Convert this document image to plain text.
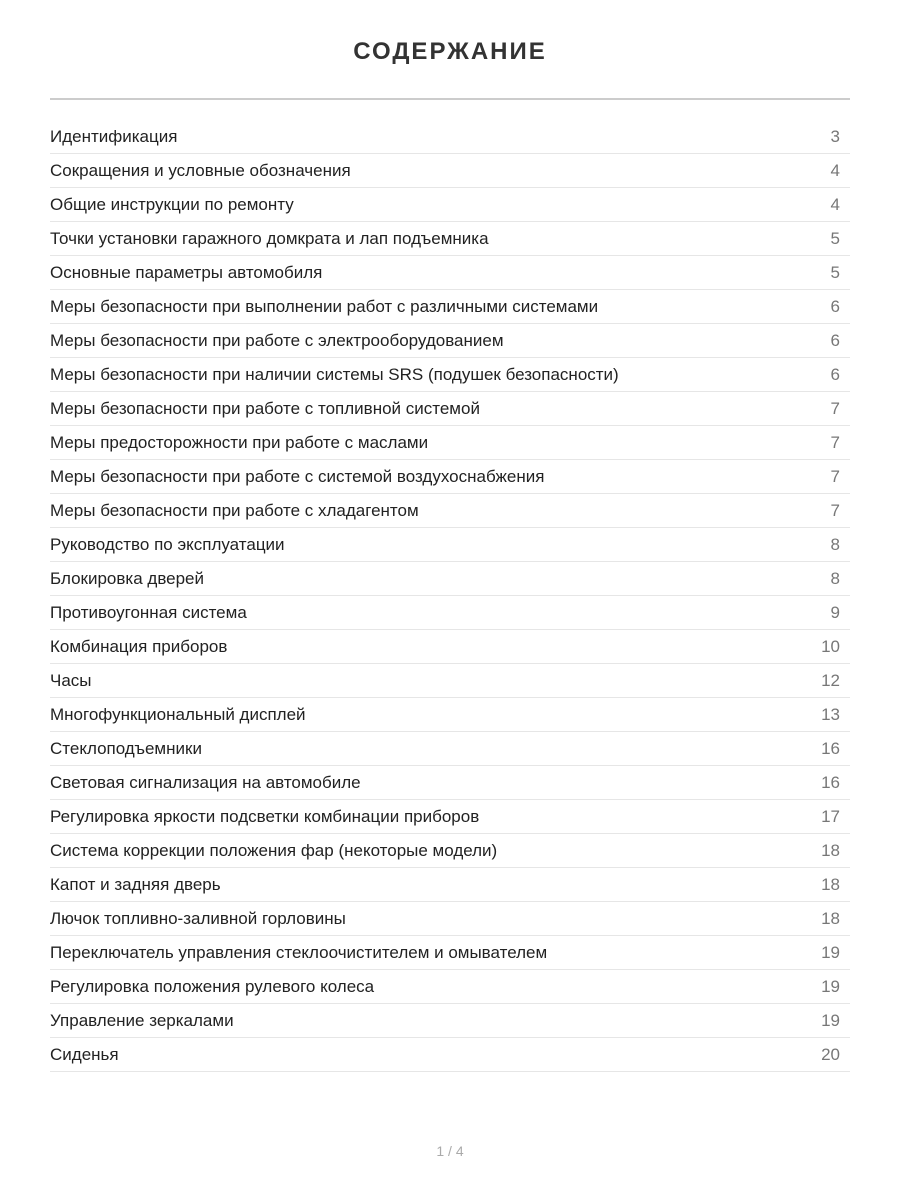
СОДЕРЖАНИЕ
Идентификация	3
Сокращения и условные обозначения	4
Общие инструкции по ремонту	4
Точки установки гаражного домкрата и лап подъемника	5
Основные параметры автомобиля	5
Меры безопасности при выполнении работ с различными системами	6
Меры безопасности при работе с электрооборудованием	6
Меры безопасности при наличии системы SRS (подушек безопасности)	6
Меры безопасности при работе с топливной системой	7
Меры предосторожности при работе с маслами	7
Меры безопасности при работе с системой воздухоснабжения	7
Меры безопасности при работе с хладагентом	7
Руководство по эксплуатации	8
Блокировка дверей	8
Противоугонная система	9
Комбинация приборов	10
Часы	12
Многофункциональный дисплей	13
Стеклоподъемники	16
Световая сигнализация на автомобиле	16
Регулировка яркости подсветки комбинации приборов	17
Система коррекции положения фар (некоторые модели)	18
Капот и задняя дверь	18
Лючок топливно-заливной горловины	18
Переключатель управления стеклоочистителем и омывателем	19
Регулировка положения рулевого колеса	19
Управление зеркалами	19
Сиденья	20
1 / 4
